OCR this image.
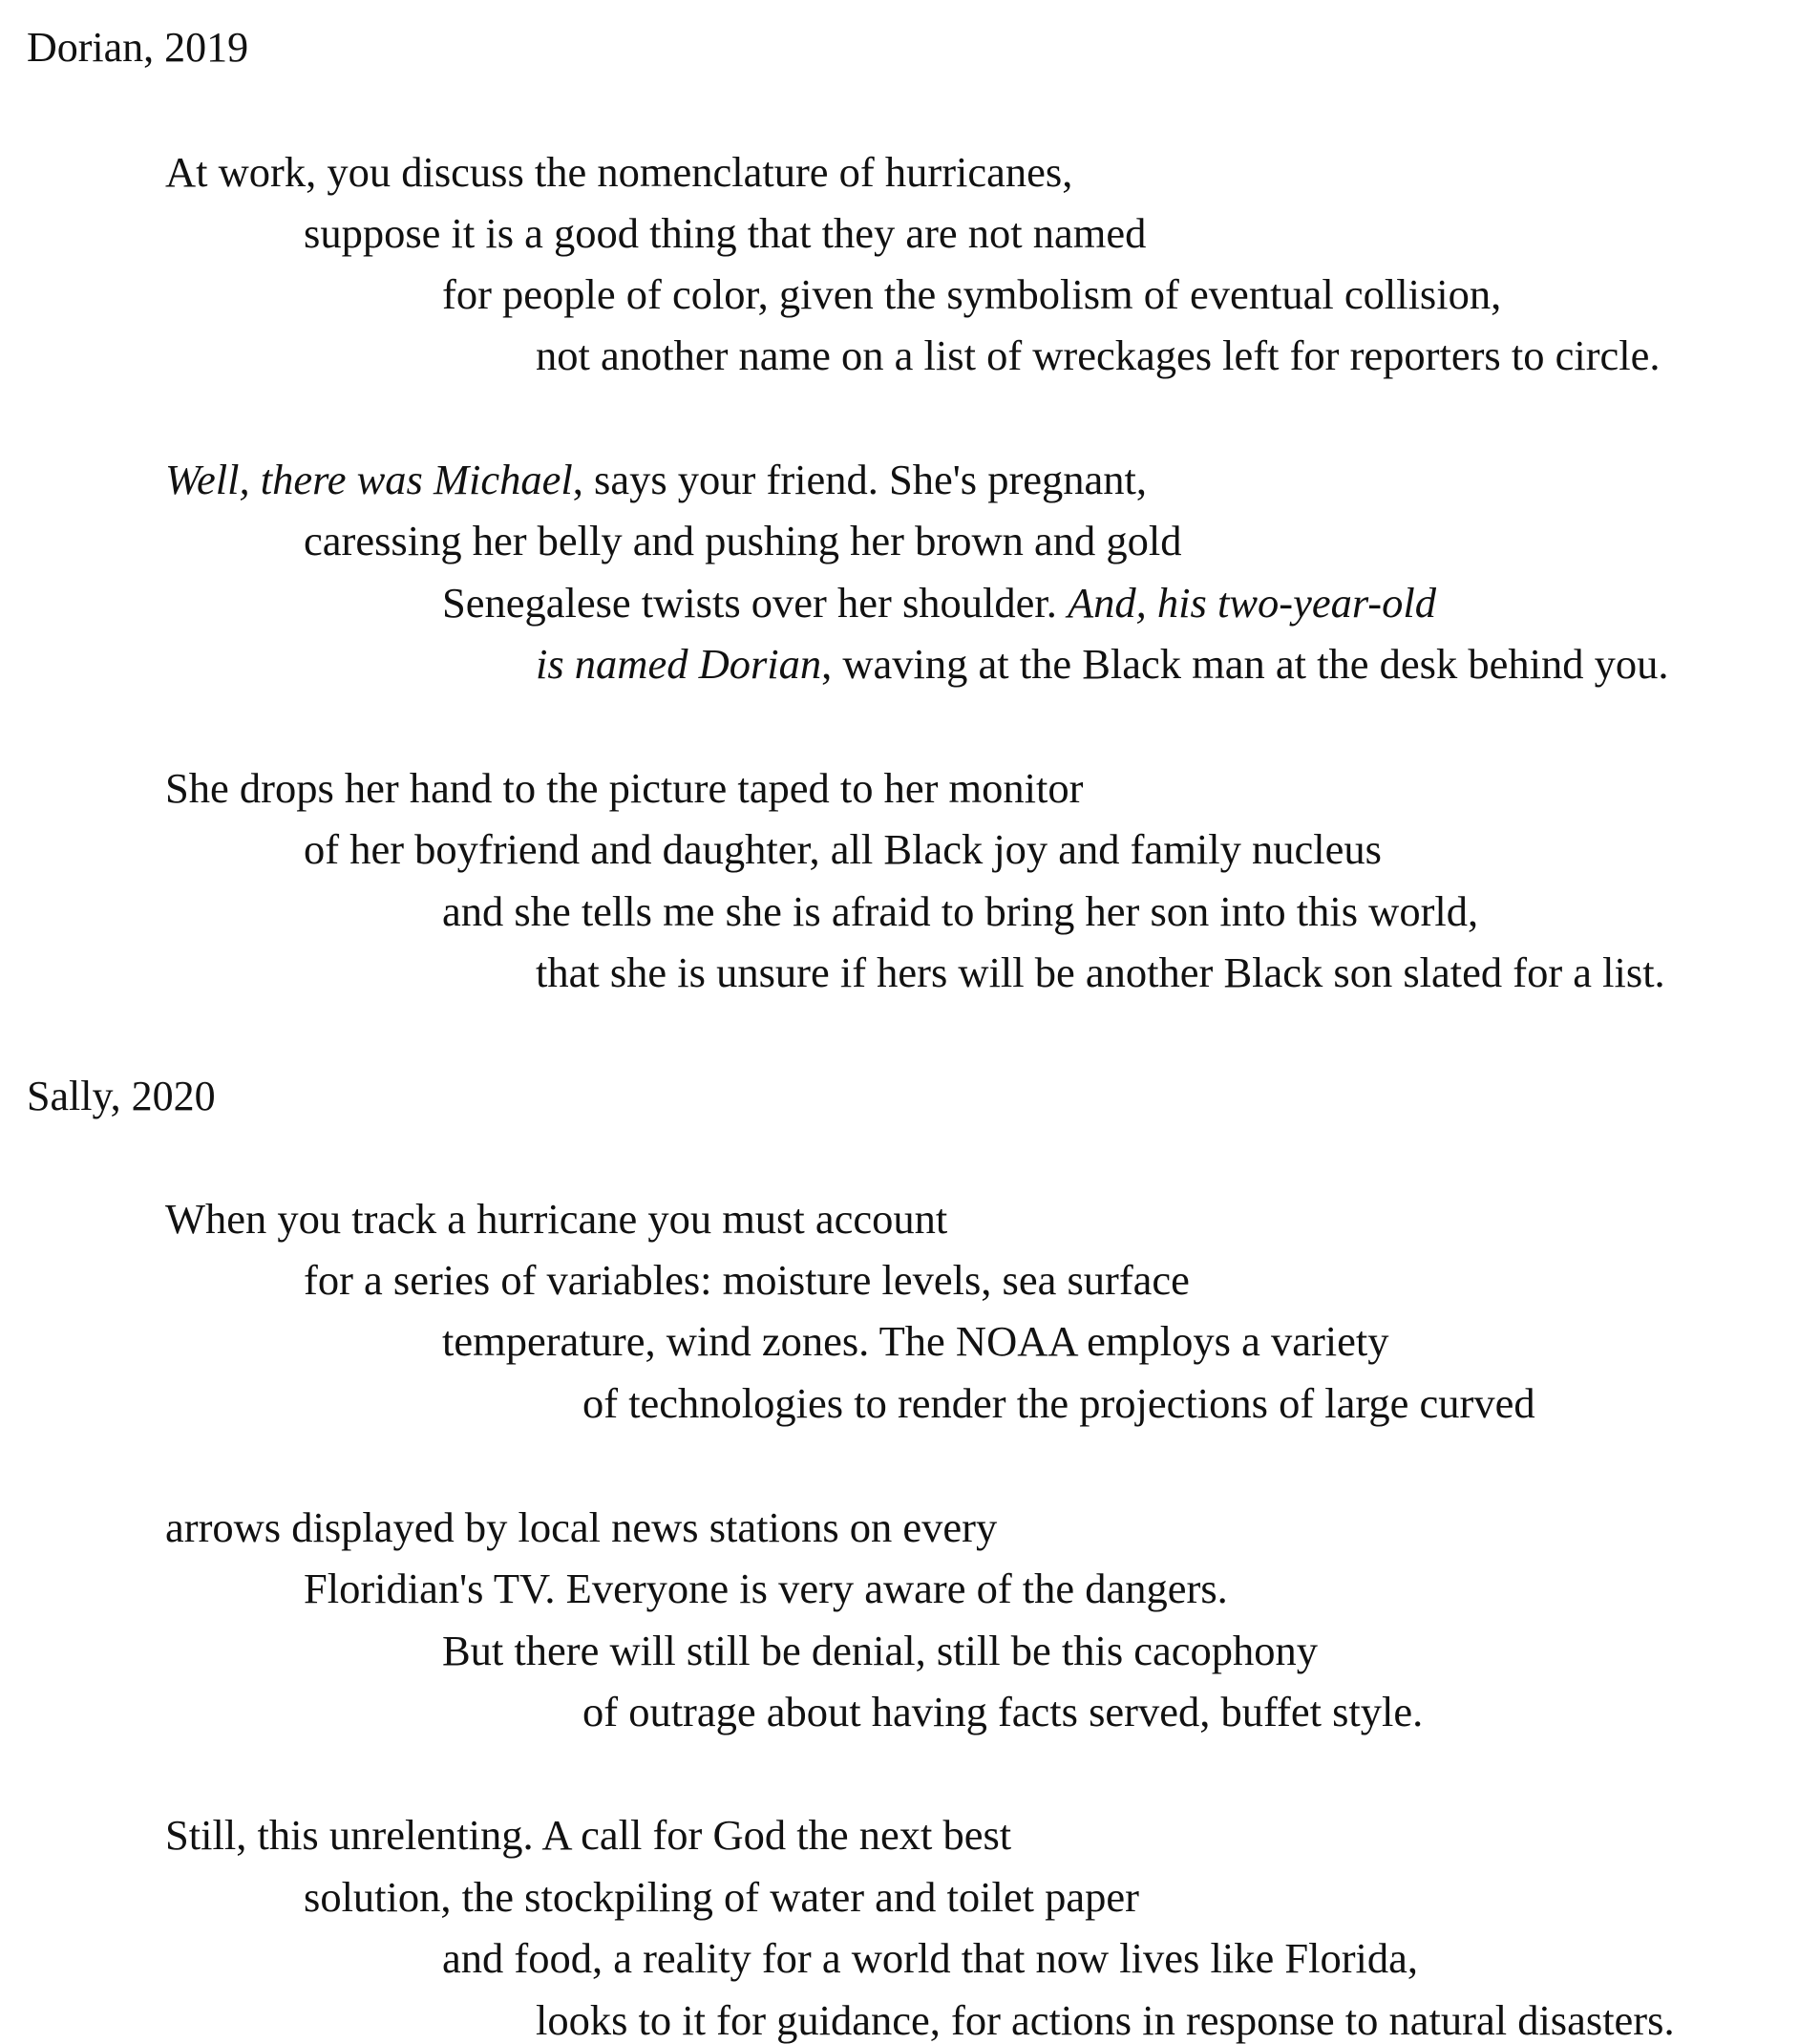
Dorian, 2019
At work, you discuss the nomenclature of hurricanes,
suppose it is a good thing that they are not named
for people of color, given the symbolism of eventual collision,
not another name on a list of wreckages left for reporters to circle.
Well, there was Michael, says your friend. She's pregnant,
caressing her belly and pushing her brown and gold
Senegalese twists over her shoulder. And, his two-year-old
is named Dorian, waving at the Black man at the desk behind you.
She drops her hand to the picture taped to her monitor
of her boyfriend and daughter, all Black joy and family nucleus
and she tells me she is afraid to bring her son into this world,
that she is unsure if hers will be another Black son slated for a list.
Sally, 2020
When you track a hurricane you must account
for a series of variables: moisture levels, sea surface
temperature, wind zones. The NOAA employs a variety
of technologies to render the projections of large curved
arrows displayed by local news stations on every
Floridian's TV. Everyone is very aware of the dangers.
But there will still be denial, still be this cacophony
of outrage about having facts served, buffet style.
Still, this unrelenting. A call for God the next best
solution, the stockpiling of water and toilet paper
and food, a reality for a world that now lives like Florida,
looks to it for guidance, for actions in response to natural disasters.
